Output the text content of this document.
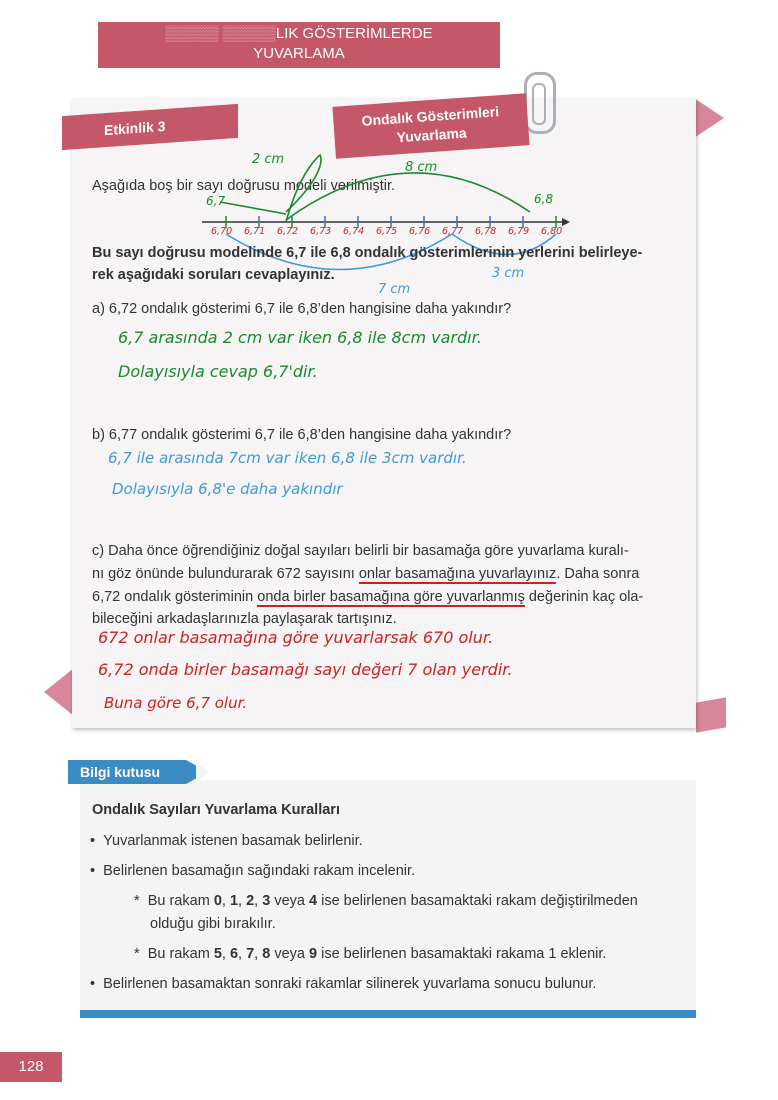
▒▒▒▒▒ ▒▒▒▒▒LIK GÖSTERİMLERDE
YUVARLAMA
Etkinlik 3	Ondalık Gösterimleri
Yuvarlama
Aşağıda boş bir sayı doğrusu modeli verilmiştir.
2 cm
8 cm
6,7	6,8
7 cm
3 cm
6,70 6,71 6,72 6,73 6,74 6,75 6,76 6,77 6,78 6,79 6,80
Bu sayı doğrusu modelinde 6,7 ile 6,8 ondalık gösterimlerinin yerlerini belirleye-
rek aşağıdaki soruları cevaplayınız.
a) 6,72 ondalık gösterimi 6,7 ile 6,8’den hangisine daha yakındır?
6,7 arasında 2 cm var iken 6,8 ile 8cm vardır.
Dolayısıyla cevap 6,7'dir.
b) 6,77 ondalık gösterimi 6,7 ile 6,8’den hangisine daha yakındır?
6,7 ile arasında 7cm var iken 6,8 ile 3cm vardır.
Dolayısıyla 6,8'e daha yakındır
c) Daha önce öğrendiğiniz doğal sayıları belirli bir basamağa göre yuvarlama kuralı-
nı göz önünde bulundurarak 672 sayısını onlar basamağına yuvarlayınız. Daha sonra
6,72 ondalık gösteriminin onda birler basamağına göre yuvarlanmış değerinin kaç ola-
bileceğini arkadaşlarınızla paylaşarak tartışınız.
672 onlar basamağına göre yuvarlarsak 670 olur.
6,72 onda birler basamağı sayı değeri 7 olan yerdir.
Buna göre 6,7 olur.
Bilgi kutusu
Ondalık Sayıları Yuvarlama Kuralları
• Yuvarlanmak istenen basamak belirlenir.
• Belirlenen basamağın sağındaki rakam incelenir.
* Bu rakam 0, 1, 2, 3 veya 4 ise belirlenen basamaktaki rakam değiştirilmeden
olduğu gibi bırakılır.
* Bu rakam 5, 6, 7, 8 veya 9 ise belirlenen basamaktaki rakama 1 eklenir.
• Belirlenen basamaktan sonraki rakamlar silinerek yuvarlama sonucu bulunur.
128
